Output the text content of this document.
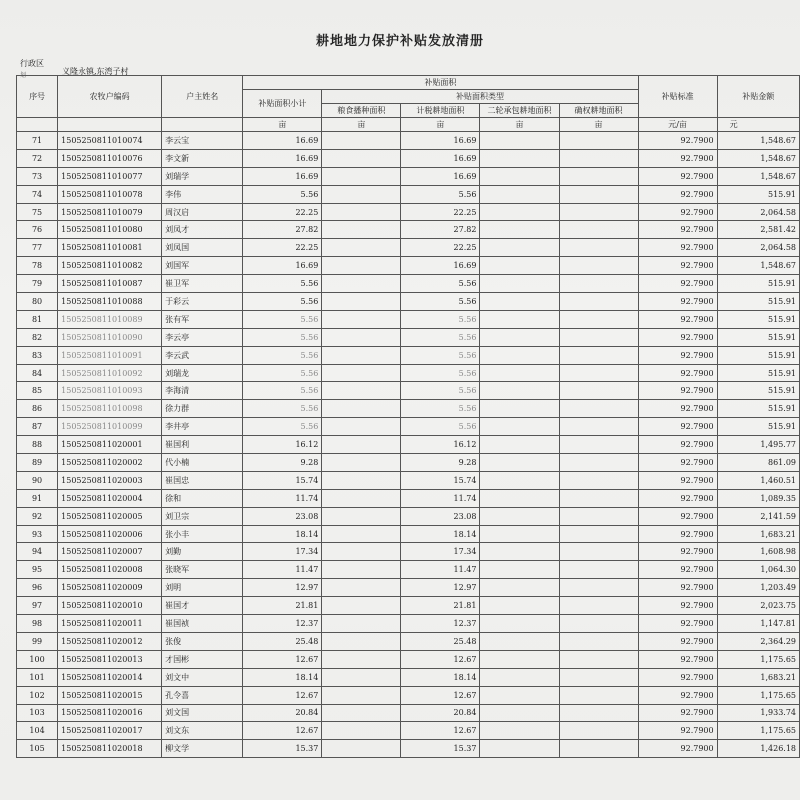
耕地地力保护补贴发放清册
行政区
义隆永镇,东湾子村
划
序号	农牧户编码	户主姓名	补贴面积					补贴标准	补贴金额
			补贴面积小计	补贴面积类型					
				粮食播种面积	计税耕地面积	二轮承包耕地面积	确权耕地面积		
			亩	亩	亩	亩	亩	元/亩	元
71	1505250811010074	李云宝	16.69		16.69			92.7900	1,548.67
72	1505250811010076	李文新	16.69		16.69			92.7900	1,548.67
73	1505250811010077	刘瑞学	16.69		16.69			92.7900	1,548.67
74	1505250811010078	李伟	5.56		5.56			92.7900	515.91
75	1505250811010079	周汉启	22.25		22.25			92.7900	2,064.58
76	1505250811010080	刘凤才	27.82		27.82			92.7900	2,581.42
77	1505250811010081	刘凤国	22.25		22.25			92.7900	2,064.58
78	1505250811010082	刘国军	16.69		16.69			92.7900	1,548.67
79	1505250811010087	崔卫军	5.56		5.56			92.7900	515.91
80	1505250811010088	于彩云	5.56		5.56			92.7900	515.91
81	1505250811010089	张有军	5.56		5.56			92.7900	515.91
82	1505250811010090	李云亭	5.56		5.56			92.7900	515.91
83	1505250811010091	李云武	5.56		5.56			92.7900	515.91
84	1505250811010092	刘瑞龙	5.56		5.56			92.7900	515.91
85	1505250811010093	李海清	5.56		5.56			92.7900	515.91
86	1505250811010098	徐力群	5.56		5.56			92.7900	515.91
87	1505250811010099	李井亭	5.56		5.56			92.7900	515.91
88	1505250811020001	崔国利	16.12		16.12			92.7900	1,495.77
89	1505250811020002	代小楠	9.28		9.28			92.7900	861.09
90	1505250811020003	崔国忠	15.74		15.74			92.7900	1,460.51
91	1505250811020004	徐和	11.74		11.74			92.7900	1,089.35
92	1505250811020005	刘卫宗	23.08		23.08			92.7900	2,141.59
93	1505250811020006	张小丰	18.14		18.14			92.7900	1,683.21
94	1505250811020007	刘勤	17.34		17.34			92.7900	1,608.98
95	1505250811020008	张晓军	11.47		11.47			92.7900	1,064.30
96	1505250811020009	刘明	12.97		12.97			92.7900	1,203.49
97	1505250811020010	崔国才	21.81		21.81			92.7900	2,023.75
98	1505250811020011	崔国祯	12.37		12.37			92.7900	1,147.81
99	1505250811020012	张俊	25.48		25.48			92.7900	2,364.29
100	1505250811020013	才国彬	12.67		12.67			92.7900	1,175.65
101	1505250811020014	刘文中	18.14		18.14			92.7900	1,683.21
102	1505250811020015	孔令喜	12.67		12.67			92.7900	1,175.65
103	1505250811020016	刘文国	20.84		20.84			92.7900	1,933.74
104	1505250811020017	刘文东	12.67		12.67			92.7900	1,175.65
105	1505250811020018	柳文学	15.37		15.37			92.7900	1,426.18
